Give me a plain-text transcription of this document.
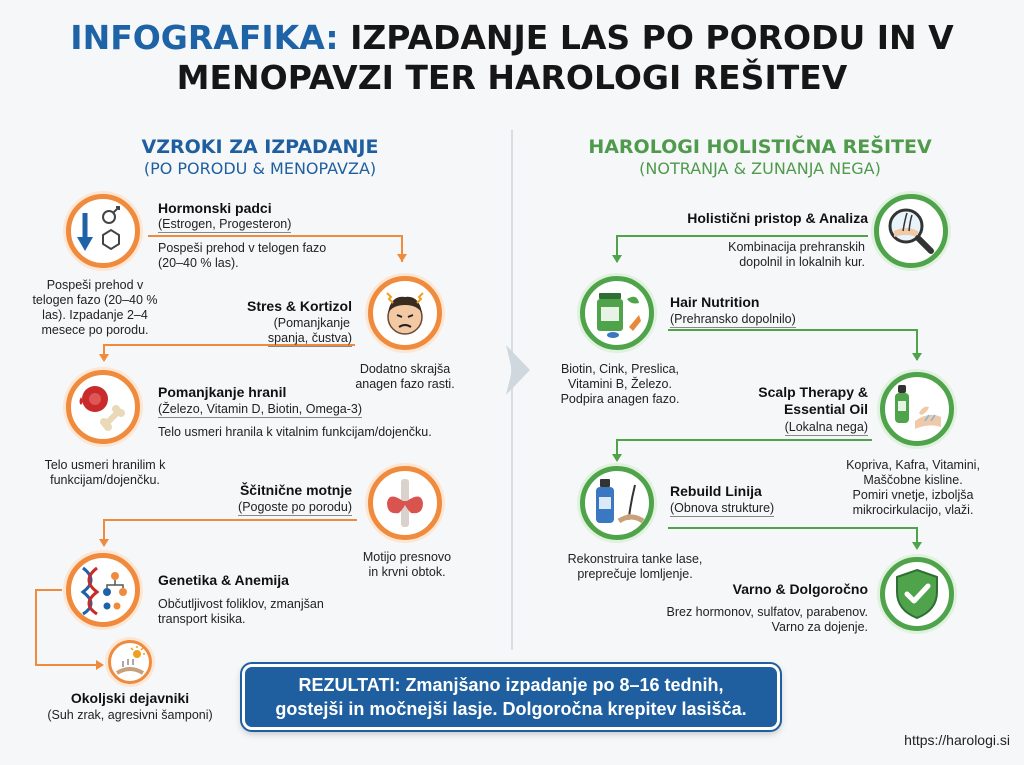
INFOGRAFIKA: IZPADANJE LAS PO PORODU IN V
MENOPAVZI TER HAROLOGI REŠITEV
VZROKI ZA IZPADANJE
(PO PORODU & MENOPAVZA)
HAROLOGI HOLISTIČNA REŠITEV
(NOTRANJA & ZUNANJA NEGA)
Hormonski padci
(Estrogen, Progesteron)
Pospeši prehod v telogen fazo
(20–40 % las).
Pospeši prehod v
telogen fazo (20–40 %
las). Izpadanje 2–4
mesece po porodu.
Stres & Kortizol
(Pomanjkanje
spanja, čustva)
Dodatno skrajša
anagen fazo rasti.
Pomanjkanje hranil
(Železo, Vitamin D, Biotin, Omega-3)
Telo usmeri hranila k vitalnim funkcijam/dojenčku.
Telo usmeri hranilim k
funkcijam/dojenčku.
Ščitnične motnje
(Pogoste po porodu)
Motijo presnovo
in krvni obtok.
Genetika & Anemija
Občutljivost foliklov, zmanjšan
transport kisika.
Okoljski dejavniki
(Suh zrak, agresivni šamponi)
Holistični pristop & Analiza
Kombinacija prehranskih
dopolnil in lokalnih kur.
Hair Nutrition
(Prehransko dopolnilo)
Biotin, Cink, Preslica,
Vitamini B, Železo.
Podpira anagen fazo.	Scalp Therapy &
Essential Oil
(Lokalna nega)
Kopriva, Kafra, Vitamini,
Maščobne kisline.
Pomiri vnetje, izboljša
mikrocirkulacijo, vlaži.
Rebuild Linija
(Obnova strukture)
Rekonstruira tanke lase,
preprečuje lomljenje.
Varno & Dolgoročno
Brez hormonov, sulfatov, parabenov.
Varno za dojenje.
REZULTATI: Zmanjšano izpadanje po 8–16 tednih,
gostejši in močnejši lasje. Dolgoročna krepitev lasišča.
https://harologi.si
